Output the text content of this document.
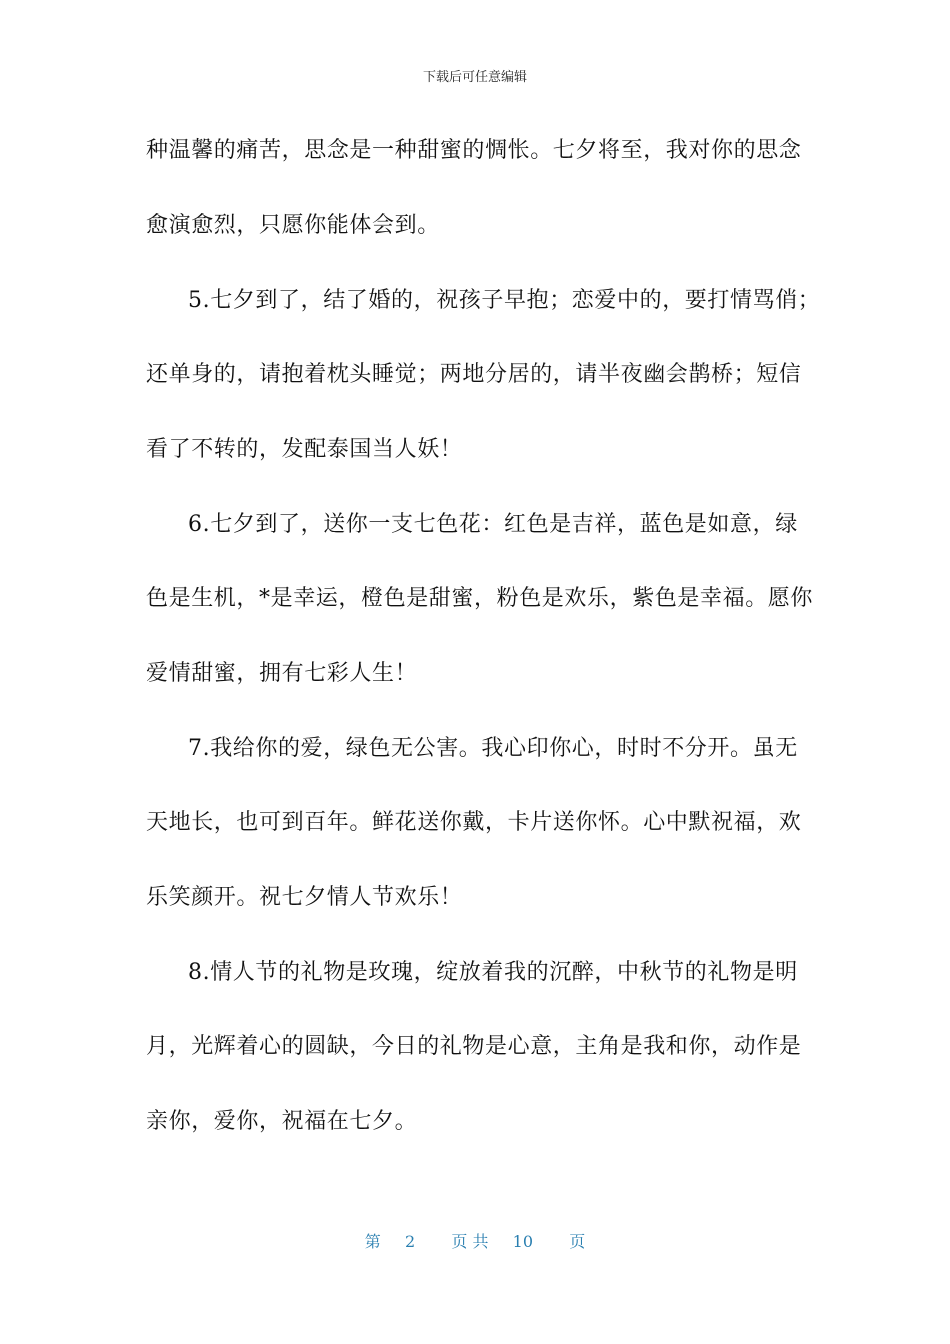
下载后可任意编辑
种温馨的痛苦，思念是一种甜蜜的惆怅。七夕将至，我对你的思念
愈演愈烈，只愿你能体会到。
5.七夕到了，结了婚的，祝孩子早抱；恋爱中的，要打情骂俏；
还单身的，请抱着枕头睡觉；两地分居的，请半夜幽会鹊桥；短信
看了不转的，发配泰国当人妖！
6.七夕到了，送你一支七色花：红色是吉祥，蓝色是如意，绿
色是生机，*是幸运，橙色是甜蜜，粉色是欢乐，紫色是幸福。愿你
爱情甜蜜，拥有七彩人生！
7.我给你的爱，绿色无公害。我心印你心，时时不分开。虽无
天地长，也可到百年。鲜花送你戴，卡片送你怀。心中默祝福，欢
乐笑颜开。祝七夕情人节欢乐！
8.情人节的礼物是玫瑰，绽放着我的沉醉，中秋节的礼物是明
月，光辉着心的圆缺，今日的礼物是心意，主角是我和你，动作是
亲你，爱你，祝福在七夕。
第 2 页 共 10 页
